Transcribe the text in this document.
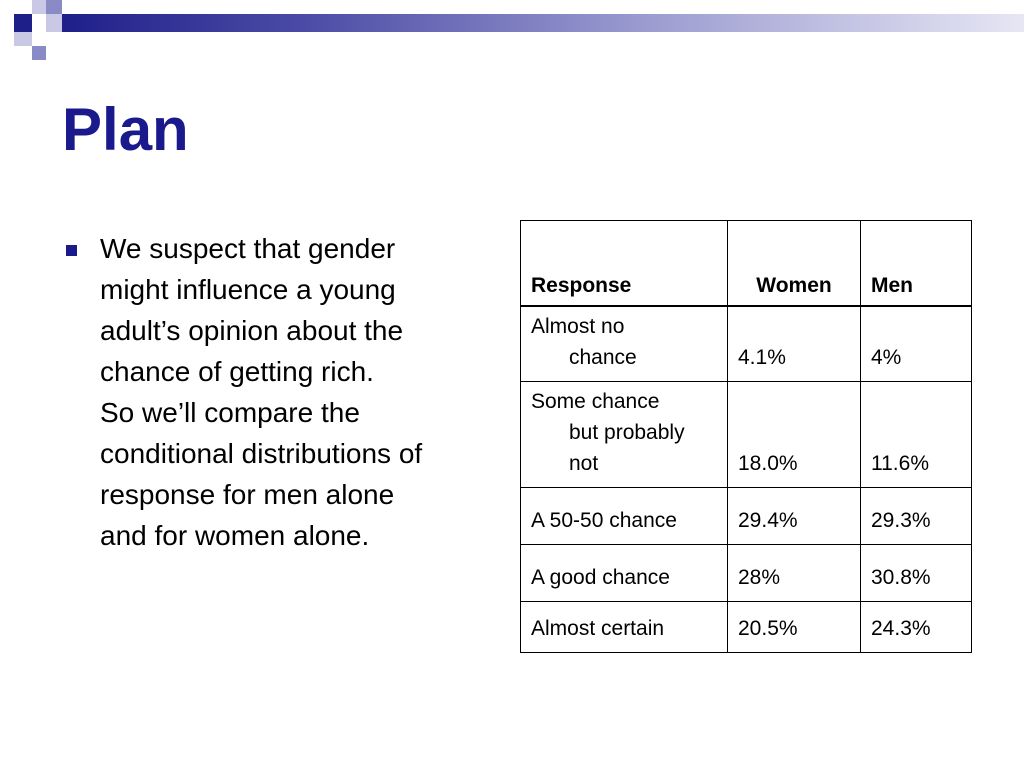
Plan
We suspect that gender
might influence a young
adult’s opinion about the
chance of getting rich.
So we’ll compare the
conditional distributions of
response for men alone
and for women alone.
Response	Women	Men

Almost no
chance	4.1%	4%

Some chance
but probably
not	18.0%	11.6%

A 50-50 chance	29.4%	29.3%

A good chance	28%	30.8%

Almost certain	20.5%	24.3%
